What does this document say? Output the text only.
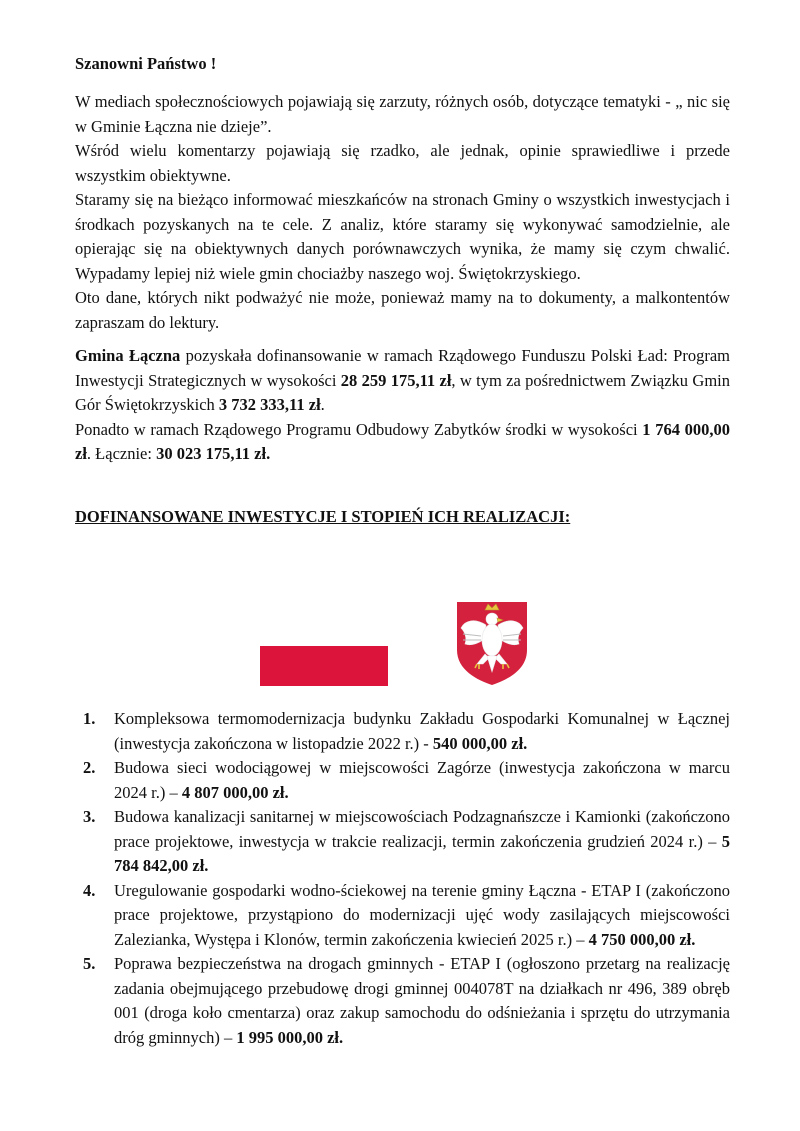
Szanowni Państwo !

W mediach społecznościowych pojawiają się zarzuty, różnych osób, dotyczące tematyki - „ nic się w Gminie Łączna nie dzieje”.

Wśród wielu komentarzy pojawiają się rzadko, ale jednak, opinie sprawiedliwe i przede wszystkim obiektywne.

Staramy się na bieżąco informować mieszkańców na stronach Gminy o wszystkich inwestycjach i środkach pozyskanych na te cele. Z analiz, które staramy się wykonywać samodzielnie, ale opierając się na obiektywnych danych porównawczych wynika, że mamy się czym chwalić. Wypadamy lepiej niż wiele gmin chociażby naszego woj. Świętokrzyskiego.

Oto dane, których nikt podważyć nie może, ponieważ mamy na to dokumenty, a malkontentów zapraszam do lektury.

Gmina Łączna pozyskała dofinansowanie w ramach Rządowego Funduszu Polski Ład: Program Inwestycji Strategicznych w wysokości 28 259 175,11 zł, w tym za pośrednictwem Związku Gmin Gór Świętokrzyskich 3 732 333,11 zł.

Ponadto w ramach Rządowego Programu Odbudowy Zabytków środki w wysokości 1 764 000,00 zł. Łącznie: 30 023 175,11 zł.

DOFINANSOWANE INWESTYCJE I STOPIEŃ ICH REALIZACJI:
1.	Kompleksowa termomodernizacja budynku Zakładu Gospodarki Komunalnej w Łącznej (inwestycja zakończona w listopadzie 2022 r.) - 540 000,00 zł.
2.	Budowa sieci wodociągowej w miejscowości Zagórze (inwestycja zakończona w marcu 2024 r.) – 4 807 000,00 zł.
3.	Budowa kanalizacji sanitarnej w miejscowościach Podzagnańszcze i Kamionki (zakończono prace projektowe, inwestycja w trakcie realizacji, termin zakończenia grudzień 2024 r.) – 5 784 842,00 zł.
4.	Uregulowanie gospodarki wodno-ściekowej na terenie gminy Łączna - ETAP I (zakończono prace projektowe, przystąpiono do modernizacji ujęć wody zasilających miejscowości Zalezianka, Występa i Klonów, termin zakończenia kwiecień 2025 r.) – 4 750 000,00 zł.
5.	Poprawa bezpieczeństwa na drogach gminnych - ETAP I (ogłoszono przetarg na realizację zadania obejmującego przebudowę drogi gminnej 004078T na działkach nr 496, 389 obręb 001 (droga koło cmentarza) oraz zakup samochodu do odśnieżania i sprzętu do utrzymania dróg gminnych) – 1 995 000,00 zł.
